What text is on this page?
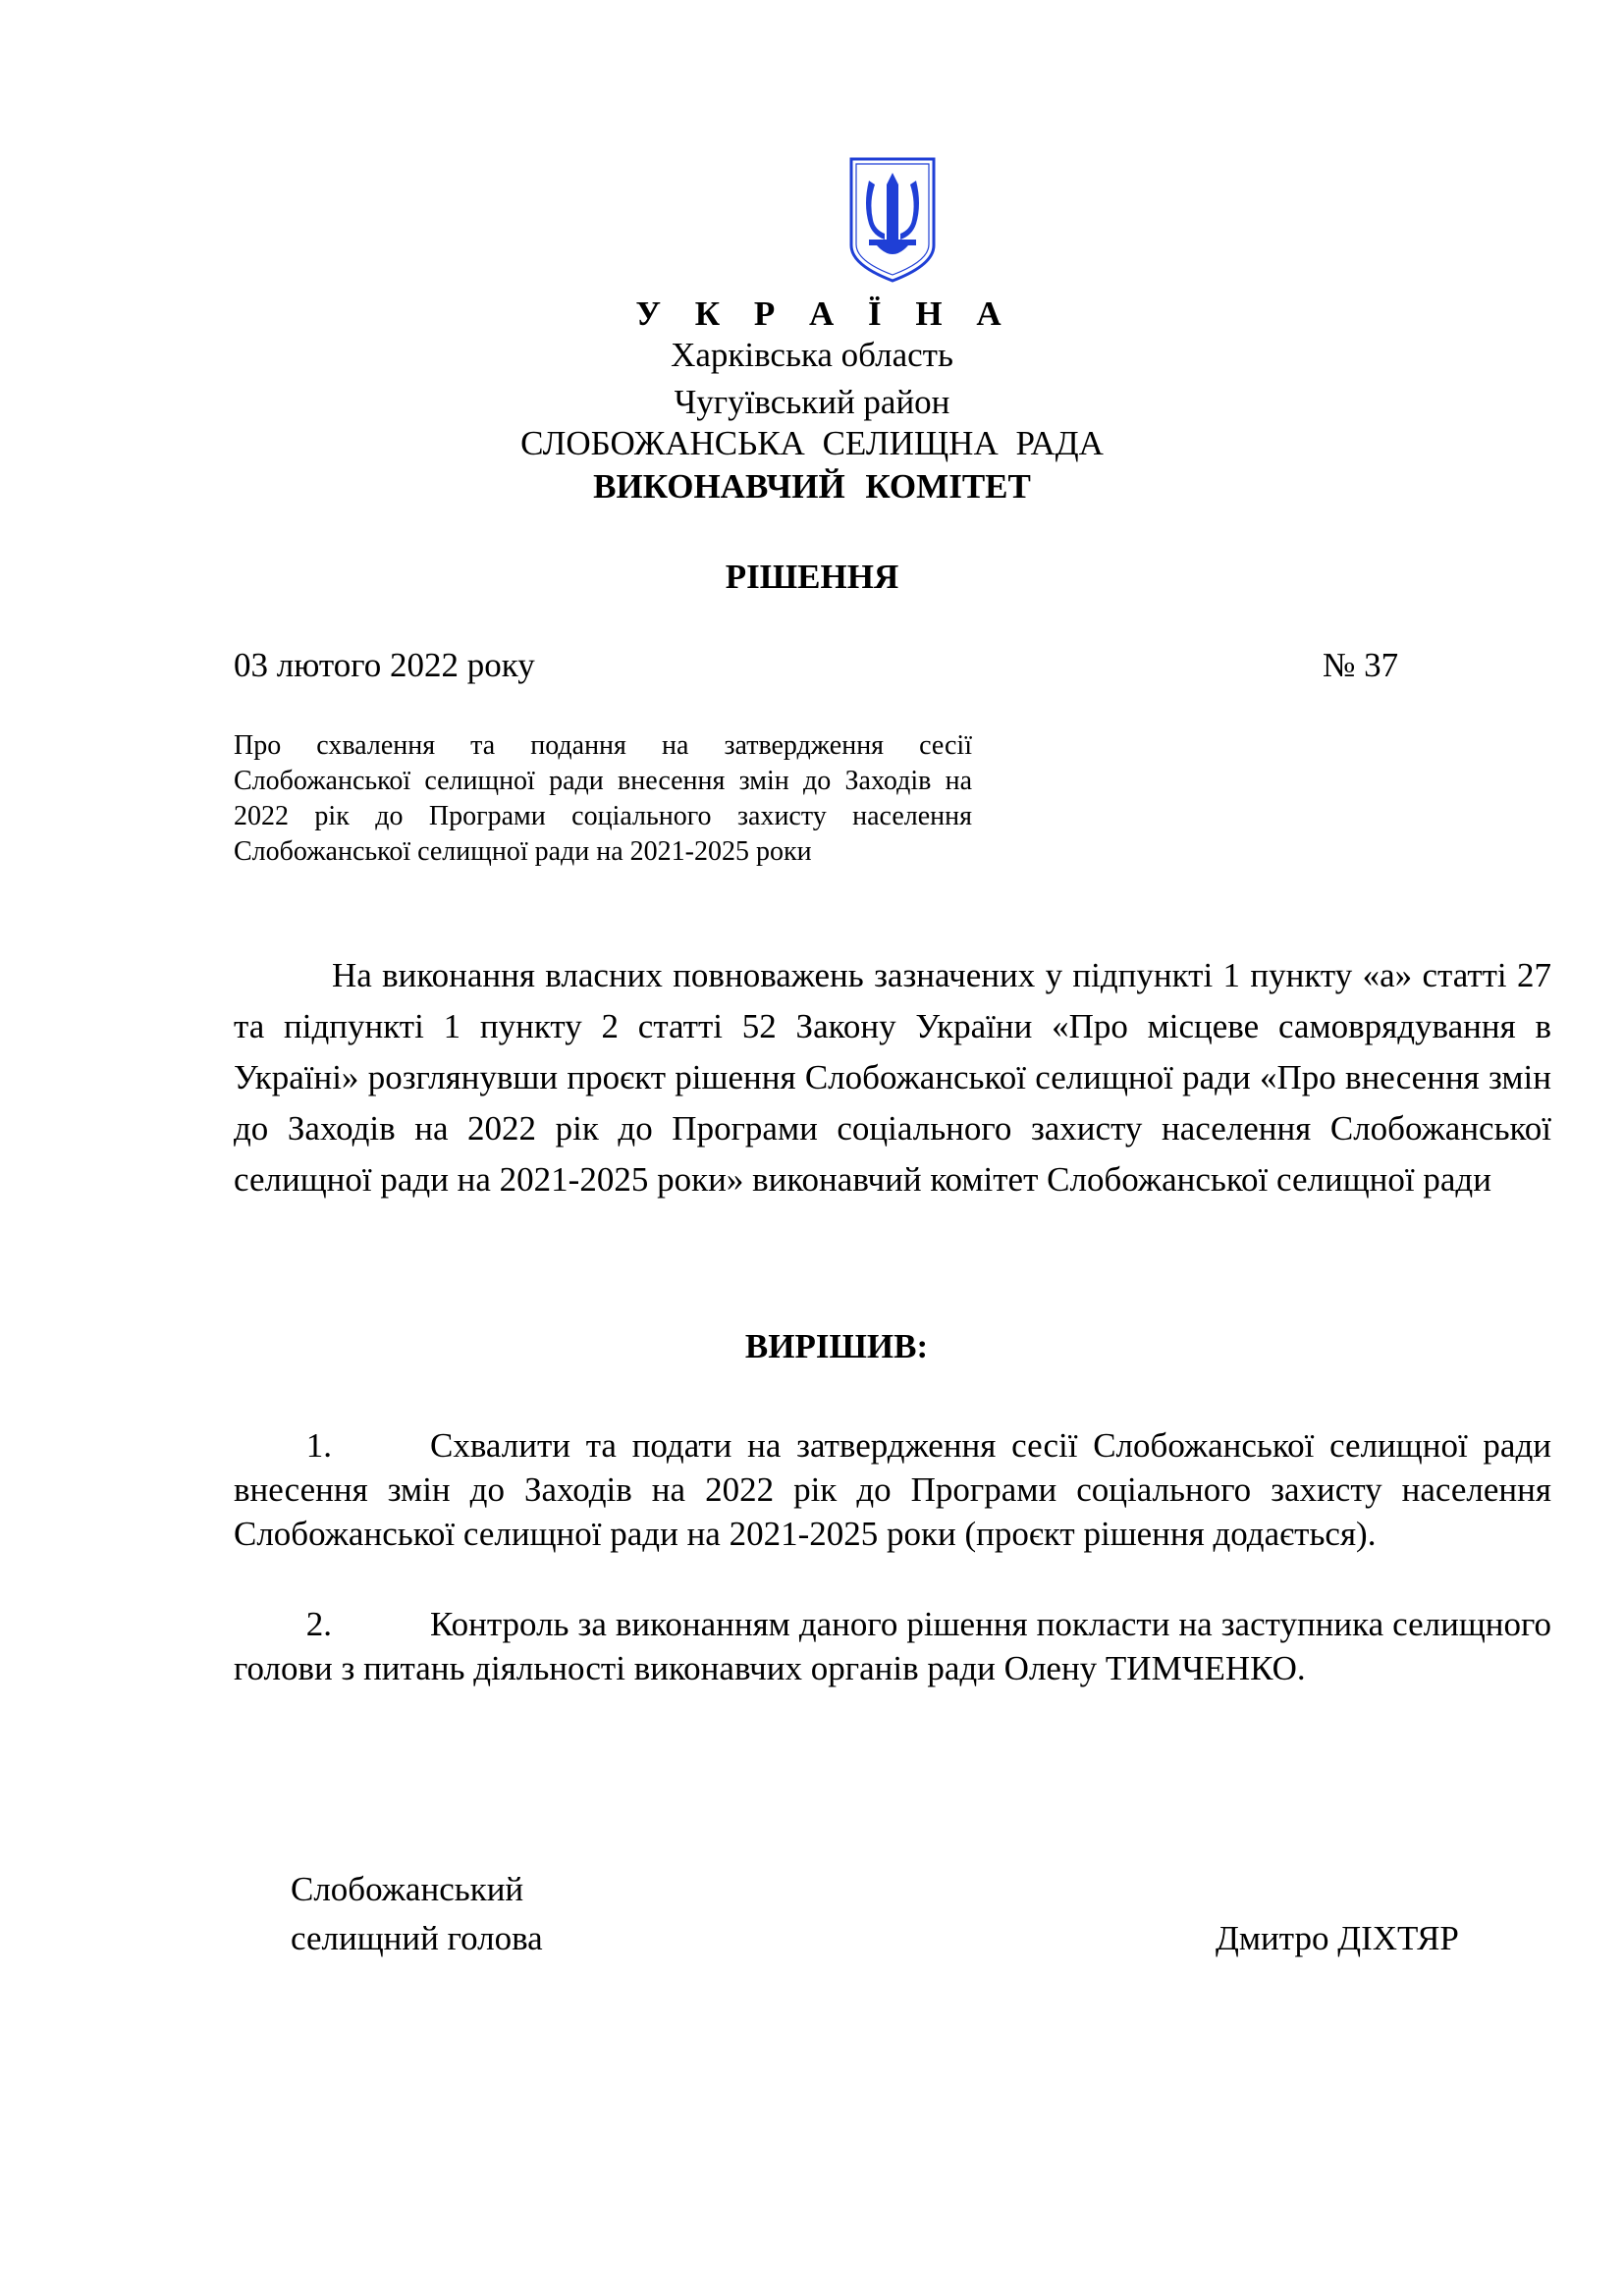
У К Р А Ї Н А
Харківська область
Чугуївський район
СЛОБОЖАНСЬКА СЕЛИЩНА РАДА
ВИКОНАВЧИЙ КОМІТЕТ
РІШЕННЯ
03 лютого 2022 року	№ 37

Про схвалення та подання на затвердження сесії Слобожанської селищної ради внесення змін до Заходів на 2022 рік до Програми соціального захисту населення Слобожанської селищної ради на 2021-2025 роки

На виконання власних повноважень зазначених у підпункті 1 пункту «а» статті 27 та підпункті 1 пункту 2 статті 52 Закону України «Про місцеве самоврядування в Україні» розглянувши проєкт рішення Слобожанської селищної ради «Про внесення змін до Заходів на 2022 рік до Програми соціального захисту населення Слобожанської селищної ради на 2021-2025 роки» виконавчий комітет Слобожанської селищної ради

ВИРІШИВ:

1.	Схвалити та подати на затвердження сесії Слобожанської селищної ради внесення змін до Заходів на 2022 рік до Програми соціального захисту населення Слобожанської селищної ради на 2021-2025 роки (проєкт рішення додається).

2.	Контроль за виконанням даного рішення покласти на заступника селищного голови з питань діяльності виконавчих органів ради Олену ТИМЧЕНКО.

Слобожанський
селищний голова	Дмитро ДІХТЯР
